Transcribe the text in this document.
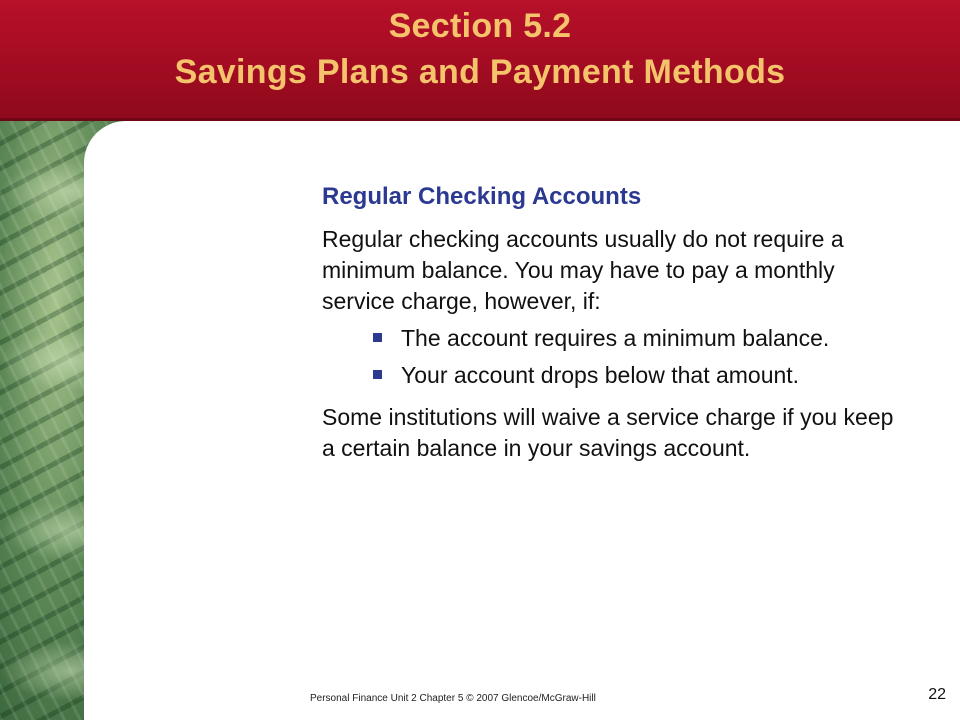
Section 5.2
Savings Plans and Payment Methods
Regular Checking Accounts
Regular checking accounts usually do not require a minimum balance. You may have to pay a monthly service charge, however, if:
The account requires a minimum balance.
Your account drops below that amount.
Some institutions will waive a service charge if you keep a certain balance in your savings account.
Personal Finance Unit 2 Chapter 5 © 2007 Glencoe/McGraw-Hill	22
